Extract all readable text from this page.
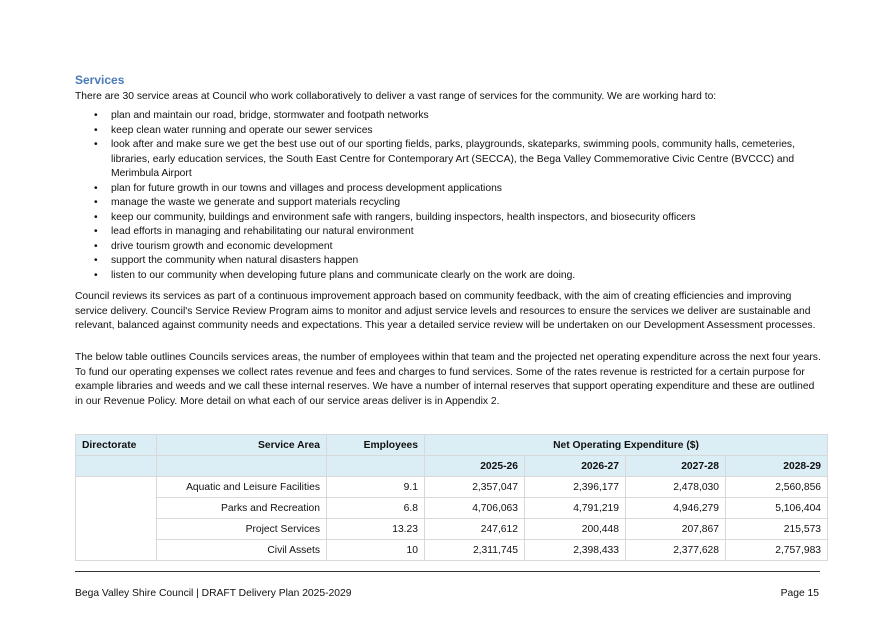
Services

There are 30 service areas at Council who work collaboratively to deliver a vast range of services for the community. We are working hard to:

• plan and maintain our road, bridge, stormwater and footpath networks
• keep clean water running and operate our sewer services
• look after and make sure we get the best use out of our sporting fields, parks, playgrounds, skateparks, swimming pools, community halls, cemeteries, libraries, early education services, the South East Centre for Contemporary Art (SECCA), the Bega Valley Commemorative Civic Centre (BVCCC) and Merimbula Airport
• plan for future growth in our towns and villages and process development applications
• manage the waste we generate and support materials recycling
• keep our community, buildings and environment safe with rangers, building inspectors, health inspectors, and biosecurity officers
• lead efforts in managing and rehabilitating our natural environment
• drive tourism growth and economic development
• support the community when natural disasters happen
• listen to our community when developing future plans and communicate clearly on the work are doing.

Council reviews its services as part of a continuous improvement approach based on community feedback, with the aim of creating efficiencies and improving service delivery. Council's Service Review Program aims to monitor and adjust service levels and resources to ensure the services we deliver are sustainable and relevant, balanced against community needs and expectations. This year a detailed service review will be undertaken on our Development Assessment processes.

The below table outlines Councils services areas, the number of employees within that team and the projected net operating expenditure across the next four years. To fund our operating expenses we collect rates revenue and fees and charges to fund services. Some of the rates revenue is restricted for a certain purpose for example libraries and weeds and we call these internal reserves. We have a number of internal reserves that support operating expenditure and these are outlined in our Revenue Policy. More detail on what each of our service areas deliver is in Appendix 2.

Directorate	Service Area	Employees	Net Operating Expenditure ($)			
			2025-26	2026-27	2027-28	2028-29
	Aquatic and Leisure Facilities	9.1	2,357,047	2,396,177	2,478,030	2,560,856
	Parks and Recreation	6.8	4,706,063	4,791,219	4,946,279	5,106,404
	Project Services	13.23	247,612	200,448	207,867	215,573
	Civil Assets	10	2,311,745	2,398,433	2,377,628	2,757,983
Bega Valley Shire Council | DRAFT Delivery Plan 2025-2029	Page 15
